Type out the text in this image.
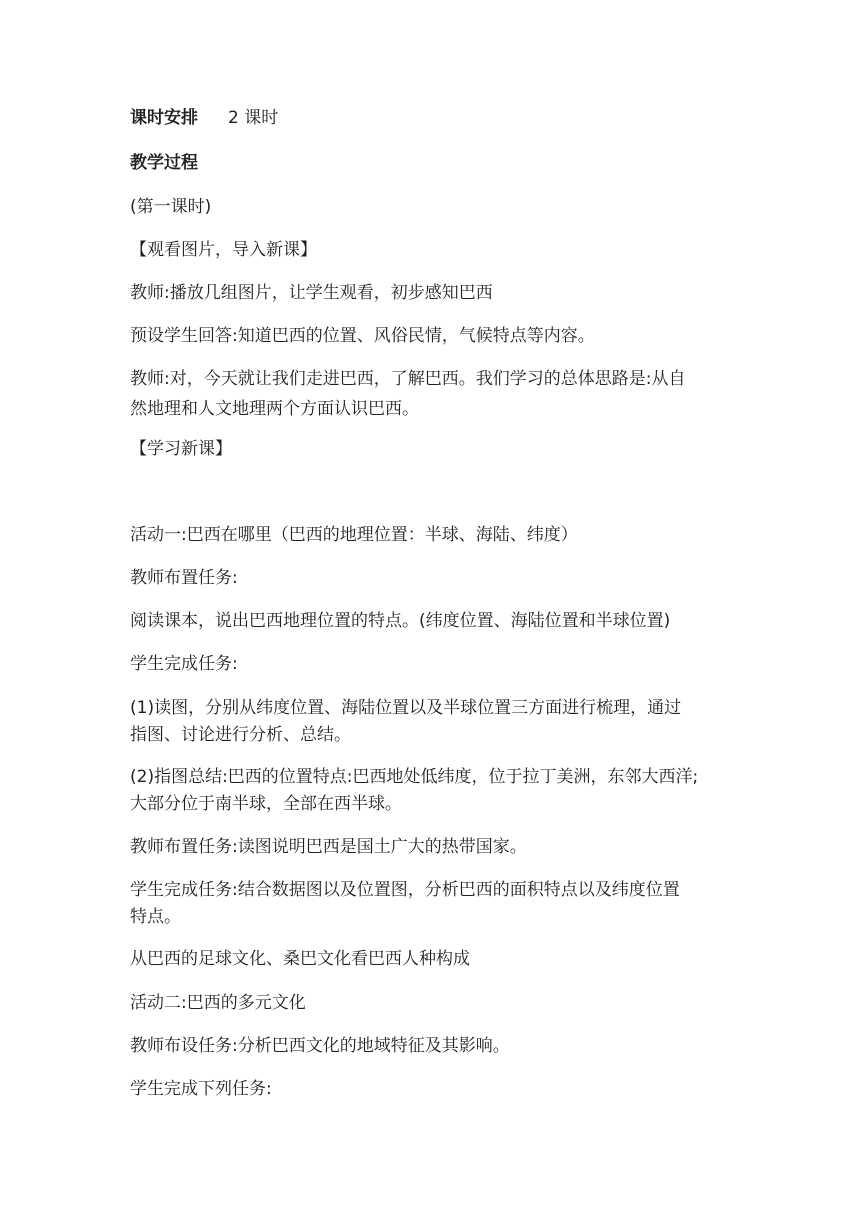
课时安排 2 课时
教学过程
(第一课时)
【观看图片，导入新课】
教师:播放几组图片，让学生观看，初步感知巴西
预设学生回答:知道巴西的位置、风俗民情，气候特点等内容。
教师:对，今天就让我们走进巴西，了解巴西。我们学习的总体思路是:从自
然地理和人文地理两个方面认识巴西。
【学习新课】
活动一:巴西在哪里（巴西的地理位置：半球、海陆、纬度）
教师布置任务:
阅读课本，说出巴西地理位置的特点。(纬度位置、海陆位置和半球位置)
学生完成任务:
(1)读图，分别从纬度位置、海陆位置以及半球位置三方面进行梳理，通过
指图、讨论进行分析、总结。
(2)指图总结:巴西的位置特点:巴西地处低纬度，位于拉丁美洲，东邻大西洋;
大部分位于南半球，全部在西半球。
教师布置任务:读图说明巴西是国土广大的热带国家。
学生完成任务:结合数据图以及位置图，分析巴西的面积特点以及纬度位置
特点。
从巴西的足球文化、桑巴文化看巴西人种构成
活动二:巴西的多元文化
教师布设任务:分析巴西文化的地域特征及其影响。
学生完成下列任务:
